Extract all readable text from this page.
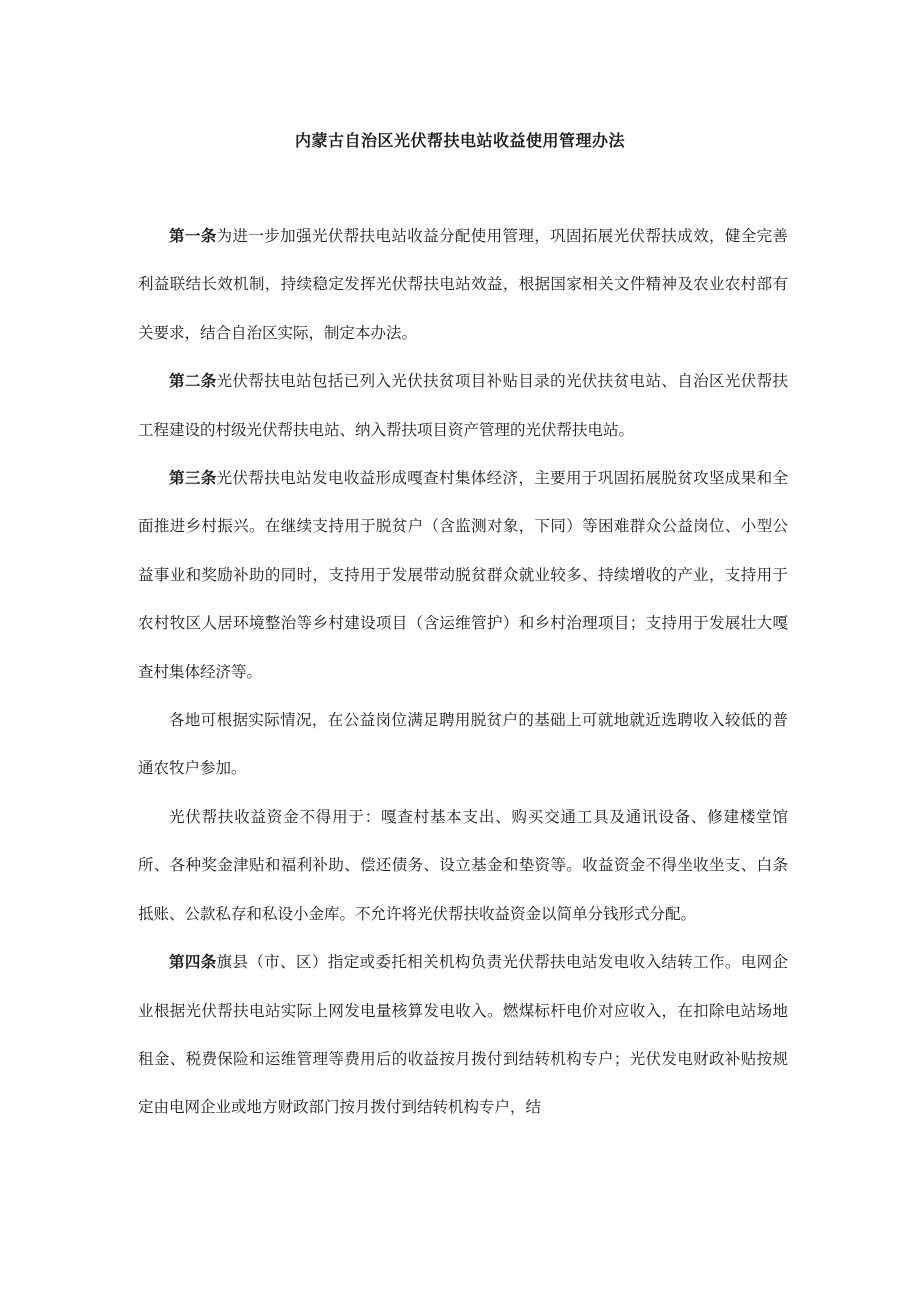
内蒙古自治区光伏帮扶电站收益使用管理办法

第一条为进一步加强光伏帮扶电站收益分配使用管理，巩固拓展光伏帮扶成效，健全完善利益联结长效机制，持续稳定发挥光伏帮扶电站效益，根据国家相关文件精神及农业农村部有关要求，结合自治区实际，制定本办法。

第二条光伏帮扶电站包括已列入光伏扶贫项目补贴目录的光伏扶贫电站、自治区光伏帮扶工程建设的村级光伏帮扶电站、纳入帮扶项目资产管理的光伏帮扶电站。

第三条光伏帮扶电站发电收益形成嘎查村集体经济，主要用于巩固拓展脱贫攻坚成果和全面推进乡村振兴。在继续支持用于脱贫户（含监测对象，下同）等困难群众公益岗位、小型公益事业和奖励补助的同时，支持用于发展带动脱贫群众就业较多、持续增收的产业，支持用于农村牧区人居环境整治等乡村建设项目（含运维管护）和乡村治理项目；支持用于发展壮大嘎查村集体经济等。

各地可根据实际情况，在公益岗位满足聘用脱贫户的基础上可就地就近选聘收入较低的普通农牧户参加。

光伏帮扶收益资金不得用于：嘎查村基本支出、购买交通工具及通讯设备、修建楼堂馆所、各种奖金津贴和福利补助、偿还债务、设立基金和垫资等。收益资金不得坐收坐支、白条抵账、公款私存和私设小金库。不允许将光伏帮扶收益资金以简单分钱形式分配。

第四条旗县（市、区）指定或委托相关机构负责光伏帮扶电站发电收入结转工作。电网企业根据光伏帮扶电站实际上网发电量核算发电收入。燃煤标杆电价对应收入，在扣除电站场地租金、税费保险和运维管理等费用后的收益按月拨付到结转机构专户；光伏发电财政补贴按规定由电网企业或地方财政部门按月拨付到结转机构专户，结
